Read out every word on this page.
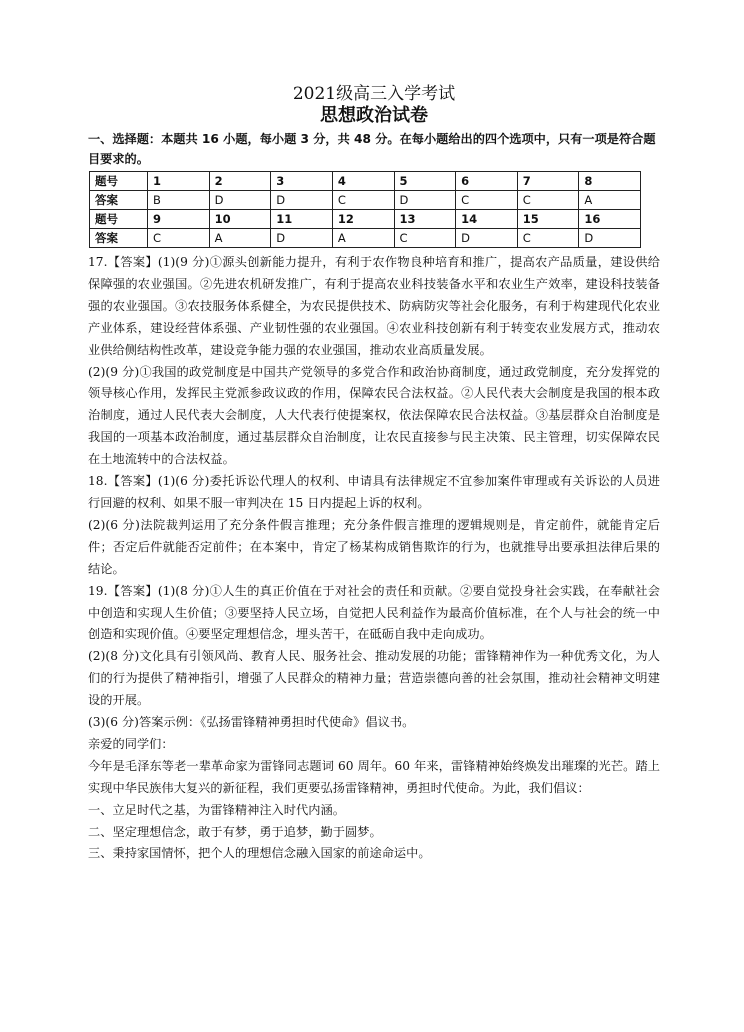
2021级高三入学考试
思想政治试卷

一、选择题：本题共 16 小题，每小题 3 分，共 48 分。在每小题给出的四个选项中，只有一项是符合题目要求的。

题号	1	2	3	4	5	6	7	8
答案	B	D	D	C	D	C	C	A
题号	9	10	11	12	13	14	15	16
答案	C	A	D	A	C	D	C	D

17.【答案】(1)(9 分)①源头创新能力提升，有利于农作物良种培育和推广，提高农产品质量，建设供给保障强的农业强国。②先进农机研发推广，有利于提高农业科技装备水平和农业生产效率，建设科技装备强的农业强国。③农技服务体系健全，为农民提供技术、防病防灾等社会化服务，有利于构建现代化农业产业体系，建设经营体系强、产业韧性强的农业强国。④农业科技创新有利于转变农业发展方式，推动农业供给侧结构性改革，建设竞争能力强的农业强国，推动农业高质量发展。

(2)(9 分)①我国的政党制度是中国共产党领导的多党合作和政治协商制度，通过政党制度，充分发挥党的领导核心作用，发挥民主党派参政议政的作用，保障农民合法权益。②人民代表大会制度是我国的根本政治制度，通过人民代表大会制度，人大代表行使提案权，依法保障农民合法权益。③基层群众自治制度是我国的一项基本政治制度，通过基层群众自治制度，让农民直接参与民主决策、民主管理，切实保障农民在土地流转中的合法权益。

18.【答案】(1)(6 分)委托诉讼代理人的权利、申请具有法律规定不宜参加案件审理或有关诉讼的人员进行回避的权利、如果不服一审判决在 15 日内提起上诉的权利。

(2)(6 分)法院裁判运用了充分条件假言推理；充分条件假言推理的逻辑规则是，肯定前件，就能肯定后件；否定后件就能否定前件；在本案中，肯定了杨某构成销售欺诈的行为，也就推导出要承担法律后果的结论。

19.【答案】(1)(8 分)①人生的真正价值在于对社会的责任和贡献。②要自觉投身社会实践，在奉献社会中创造和实现人生价值；③要坚持人民立场，自觉把人民利益作为最高价值标准，在个人与社会的统一中创造和实现价值。④要坚定理想信念，埋头苦干，在砥砺自我中走向成功。

(2)(8 分)文化具有引领风尚、教育人民、服务社会、推动发展的功能；雷锋精神作为一种优秀文化，为人们的行为提供了精神指引，增强了人民群众的精神力量；营造崇德向善的社会氛围，推动社会精神文明建设的开展。

(3)(6 分)答案示例：《弘扬雷锋精神勇担时代使命》倡议书。

亲爱的同学们：

今年是毛泽东等老一辈革命家为雷锋同志题词 60 周年。60 年来，雷锋精神始终焕发出璀璨的光芒。踏上实现中华民族伟大复兴的新征程，我们更要弘扬雷锋精神，勇担时代使命。为此，我们倡议：

一、立足时代之基，为雷锋精神注入时代内涵。

二、坚定理想信念，敢于有梦，勇于追梦，勤于圆梦。

三、秉持家国情怀，把个人的理想信念融入国家的前途命运中。
